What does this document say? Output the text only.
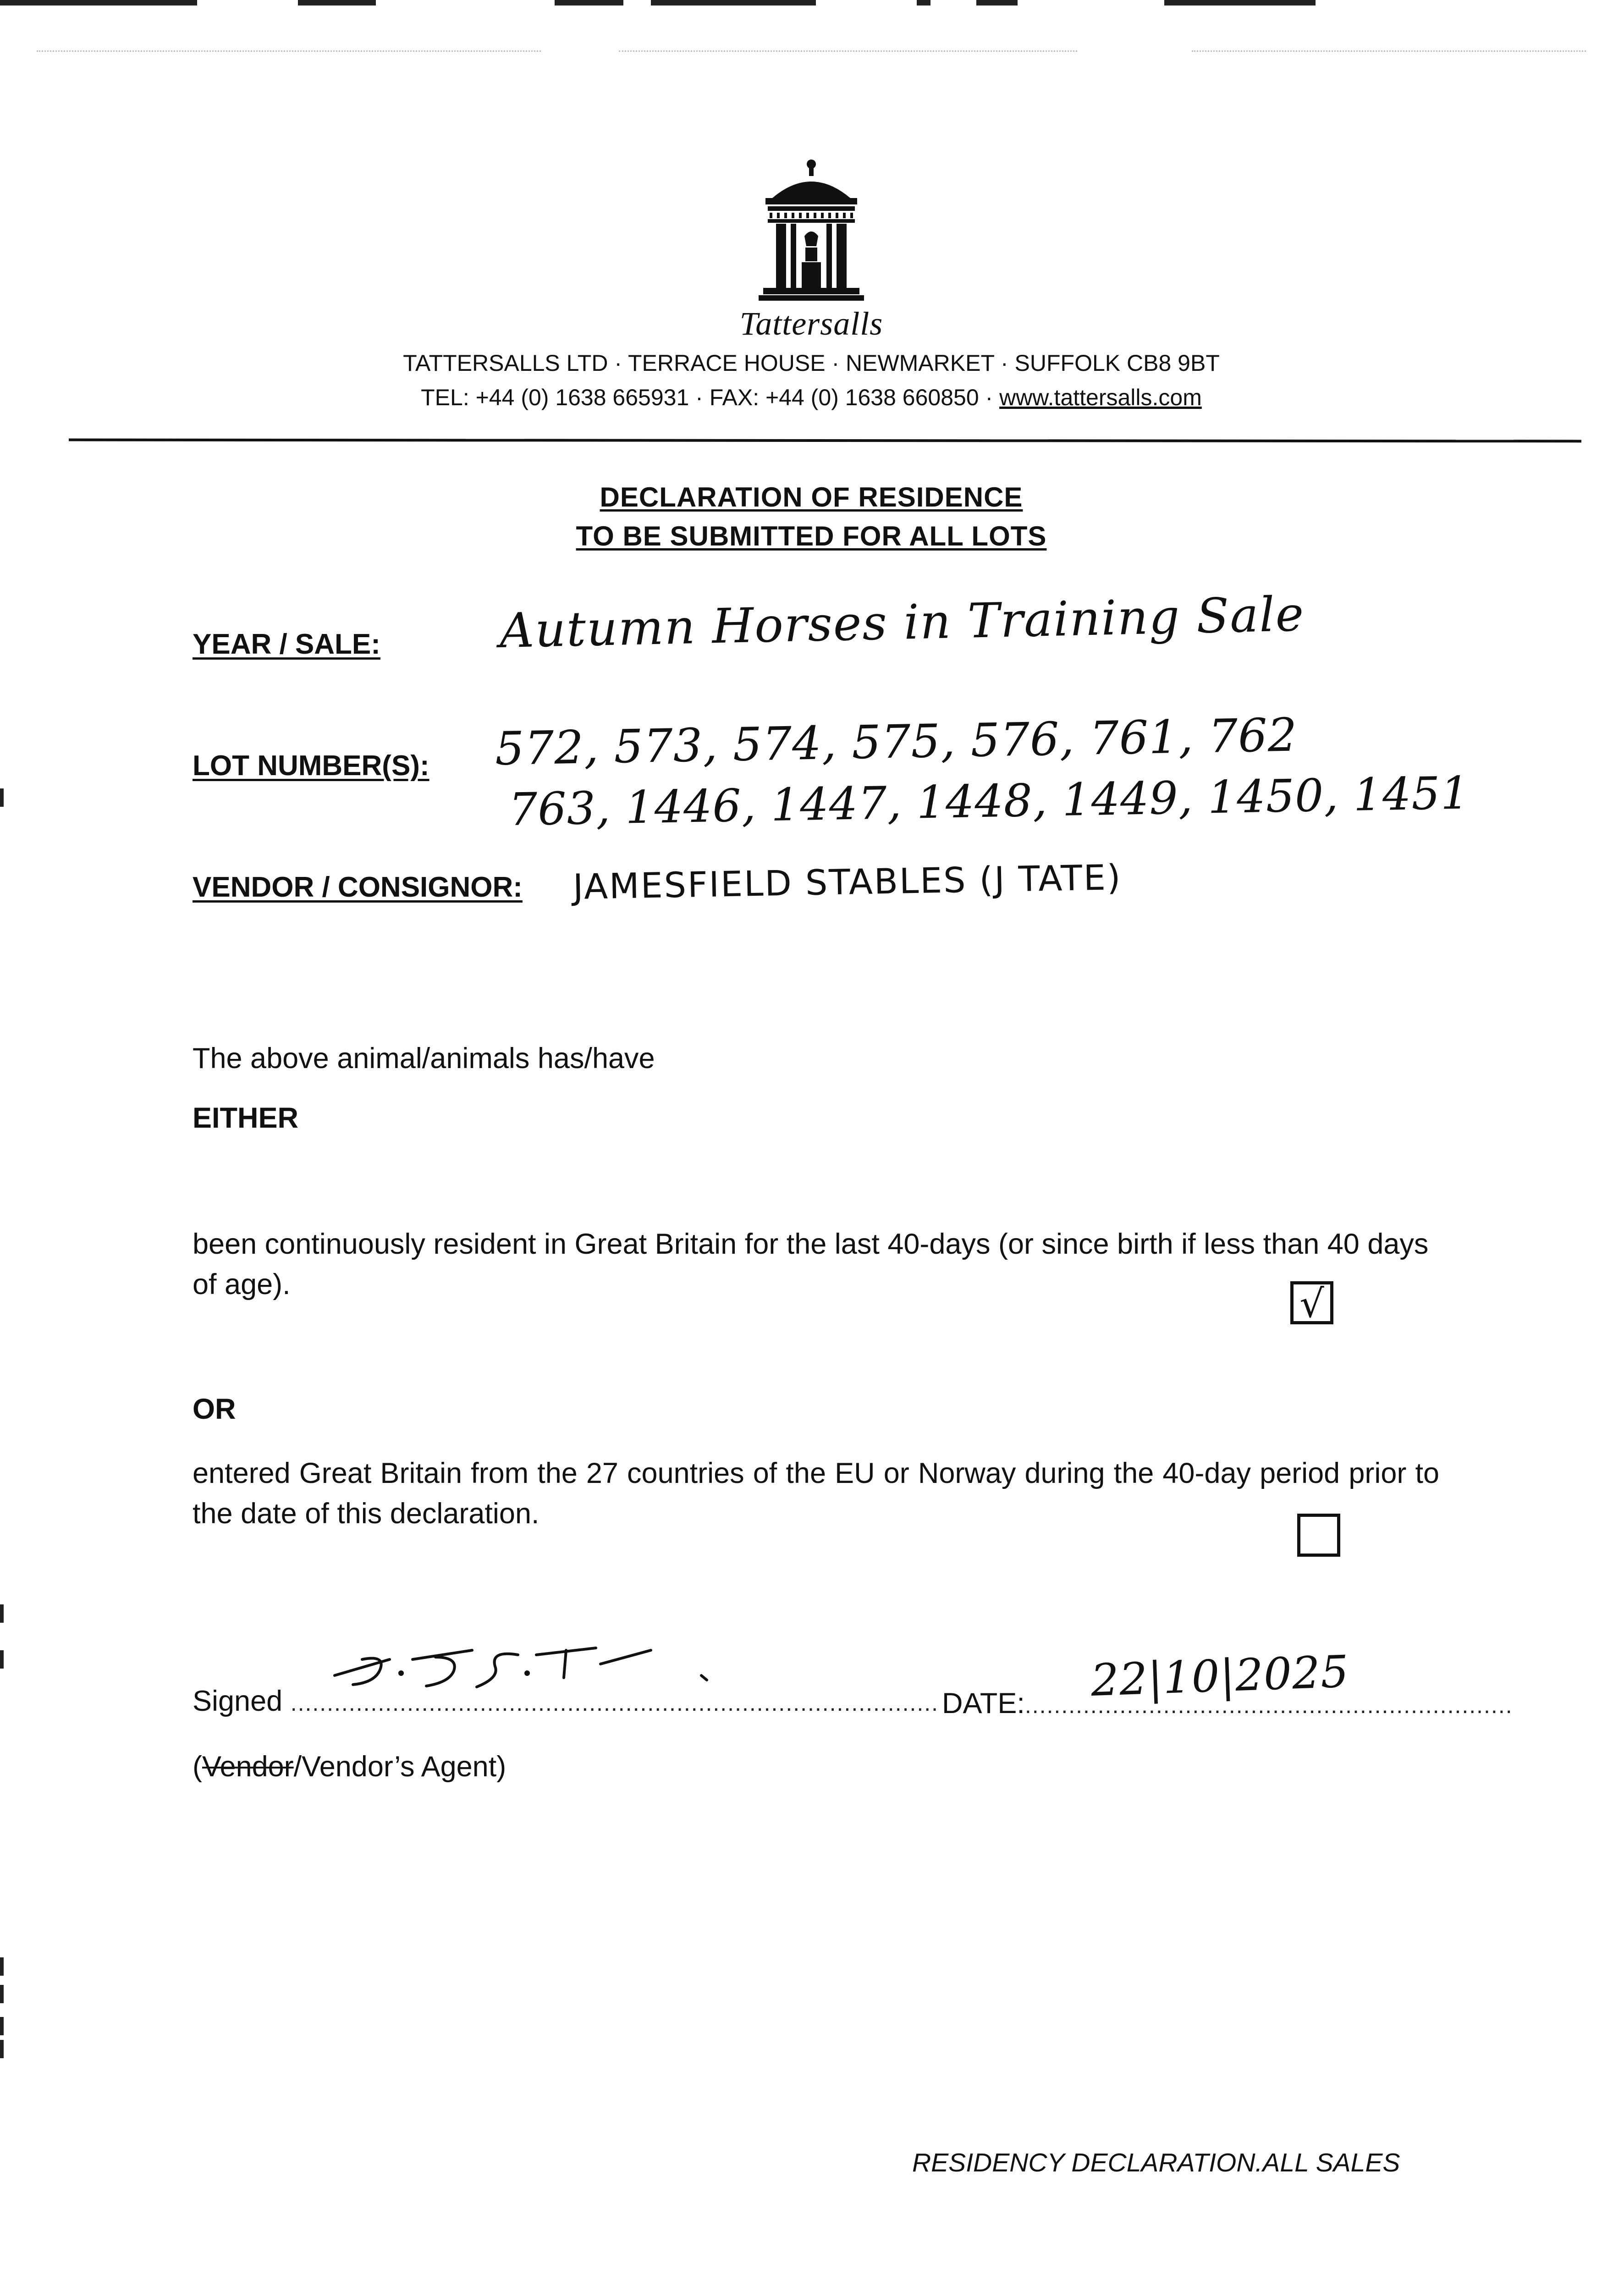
Tattersalls
TATTERSALLS LTD · TERRACE HOUSE · NEWMARKET · SUFFOLK CB8 9BT
TEL: +44 (0) 1638 665931 · FAX: +44 (0) 1638 660850 · www.tattersalls.com
DECLARATION OF RESIDENCE
TO BE SUBMITTED FOR ALL LOTS
YEAR / SALE: Autumn Horses in Training Sale
LOT NUMBER(S): 572, 573, 574, 575, 576, 761, 762
763, 1446, 1447, 1448, 1449, 1450, 1451
VENDOR / CONSIGNOR: JAMESFIELD STABLES (J TATE)
The above animal/animals has/have
EITHER
been continuously resident in Great Britain for the last 40-days (or since birth if less than 40 days of age).	√
OR
entered Great Britain from the 27 countries of the EU or Norway during the 40-day period prior to the date of this declaration.
Signed ......................................................................................... DATE:...................................................................
22|10|2025
(Vendor/Vendor’s Agent)
RESIDENCY DECLARATION.ALL SALES
